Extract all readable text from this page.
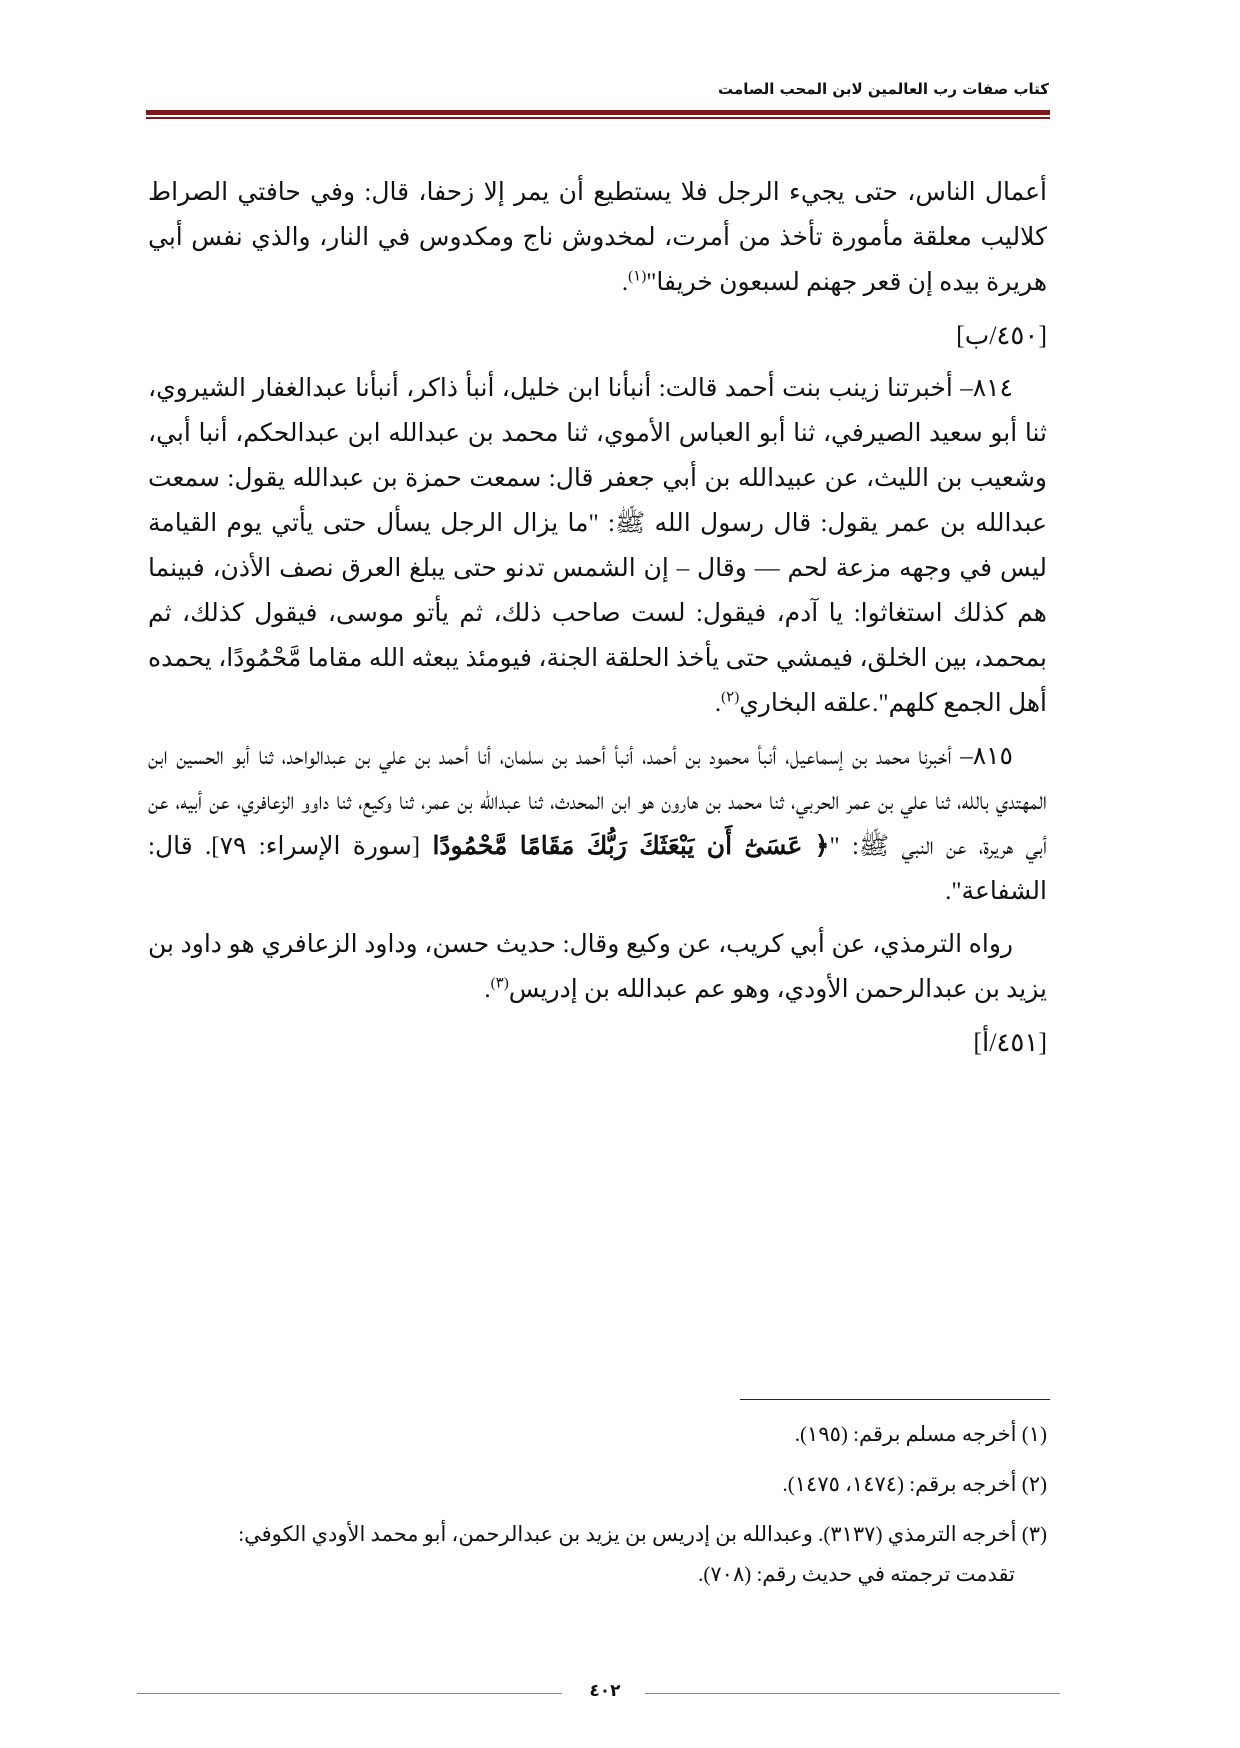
كتاب صفات رب العالمين لابن المحب الصامت

أعمال الناس، حتى يجيء الرجل فلا يستطيع أن يمر إلا زحفا، قال: وفي حافتي الصراط كلاليب معلقة مأمورة تأخذ من أمرت، لمخدوش ناج ومكدوس في النار، والذي نفس أبي هريرة بيده إن قعر جهنم لسبعون خريفا"$^{(١)}$.

[٤٥٠/ب]

٨١٤– أخبرتنا زينب بنت أحمد قالت: أنبأنا ابن خليل، أنبأ ذاكر، أنبأنا عبدالغفار الشيروي، ثنا أبو سعيد الصيرفي، ثنا أبو العباس الأموي، ثنا محمد بن عبدالله ابن عبدالحكم، أنبا أبي، وشعيب بن الليث، عن عبيدالله بن أبي جعفر قال: سمعت حمزة بن عبدالله يقول: سمعت عبدالله بن عمر يقول: قال رسول الله ﷺ: "ما يزال الرجل يسأل حتى يأتي يوم القيامة ليس في وجهه مزعة لحم — وقال – إن الشمس تدنو حتى يبلغ العرق نصف الأذن، فبينما هم كذلك استغاثوا: يا آدم، فيقول: لست صاحب ذلك، ثم يأتو موسى، فيقول كذلك، ثم بمحمد، بين الخلق، فيمشي حتى يأخذ الحلقة الجنة، فيومئذ يبعثه الله مقاما مَّحْمُودًا، يحمده أهل الجمع كلهم".علقه البخاري$^{(٢)}$.

٨١٥– أخبرنا محمد بن إسماعيل، أنبأ محمود بن أحمد، أنبأ أحمد بن سلمان، أنا أحمد بن علي بن عبدالواحد، ثنا أبو الحسين ابن المهتدي بالله، ثنا علي بن عمر الحربي، ثنا محمد بن هارون هو ابن المحدث، ثنا عبدالله بن عمر، ثنا وكيع، ثنا داوو الزعافري، عن أبيه، عن أبي هريرة، عن النبي ﷺ: "﴿ عَسَىٰٓ أَن يَبْعَثَكَ رَبُّكَ مَقَامًا مَّحْمُودًا [سورة الإسراء: ٧٩]. قال: الشفاعة".

رواه الترمذي، عن أبي كريب، عن وكيع وقال: حديث حسن، وداود الزعافري هو داود بن يزيد بن عبدالرحمن الأودي، وهو عم عبدالله بن إدريس$^{(٣)}$.

[٤٥١/أ]

(١) أخرجه مسلم برقم: (١٩٥).

(٢) أخرجه برقم: (١٤٧٤، ١٤٧٥).

(٣) أخرجه الترمذي (٣١٣٧). وعبدالله بن إدريس بن يزيد بن عبدالرحمن، أبو محمد الأودي الكوفي:

تقدمت ترجمته في حديث رقم: (٧٠٨).

٤٠٢
